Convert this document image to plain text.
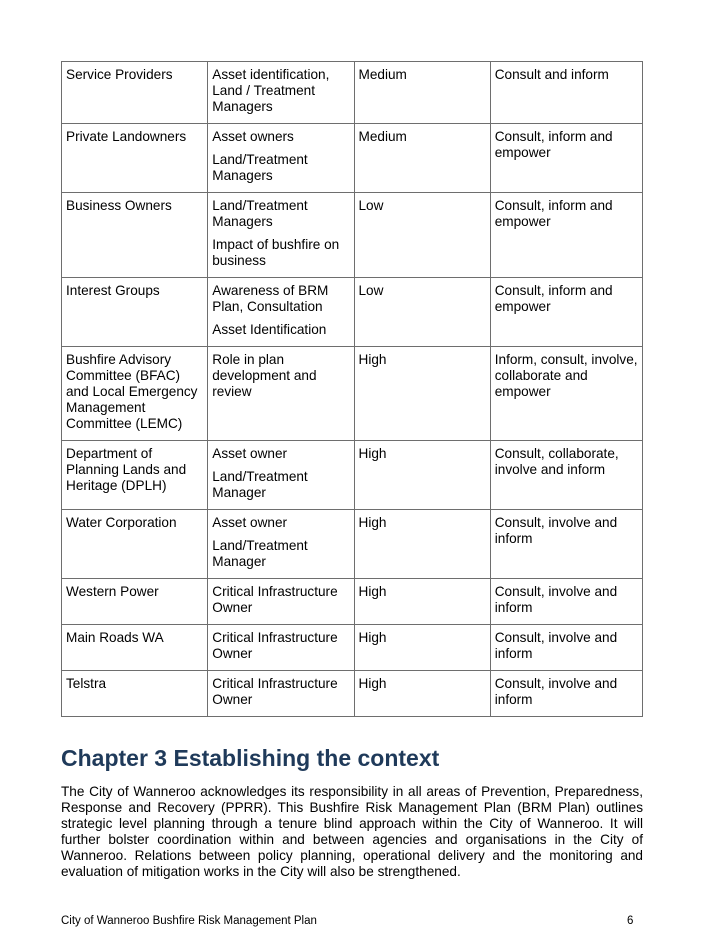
Service Providers	Asset identification,
Land / Treatment
Managers	Medium	Consult and inform

Private Landowners	Asset owners
Land/Treatment
Managers	Medium	Consult, inform and
empower

Business Owners	Land/Treatment
Managers
Impact of bushfire on
business	Low	Consult, inform and
empower

Interest Groups	Awareness of BRM
Plan, Consultation
Asset Identification	Low	Consult, inform and
empower

Bushfire Advisory
Committee (BFAC)
and Local Emergency
Management
Committee (LEMC)	Role in plan
development and
review	High	Inform, consult, involve,
collaborate and
empower

Department of
Planning Lands and
Heritage (DPLH)	Asset owner
Land/Treatment
Manager	High	Consult, collaborate,
involve and inform

Water Corporation	Asset owner
Land/Treatment
Manager	High	Consult, involve and
inform

Western Power	Critical Infrastructure
Owner	High	Consult, involve and
inform

Main Roads WA	Critical Infrastructure
Owner	High	Consult, involve and
inform

Telstra	Critical Infrastructure
Owner	High	Consult, involve and
inform
Chapter 3 Establishing the context

The City of Wanneroo acknowledges its responsibility in all areas of Prevention, Preparedness, Response and Recovery (PPRR). This Bushfire Risk Management Plan (BRM Plan) outlines strategic level planning through a tenure blind approach within the City of Wanneroo. It will further bolster coordination within and between agencies and organisations in the City of Wanneroo. Relations between policy planning, operational delivery and the monitoring and evaluation of mitigation works in the City will also be strengthened.

City of Wanneroo Bushfire Risk Management Plan	6
